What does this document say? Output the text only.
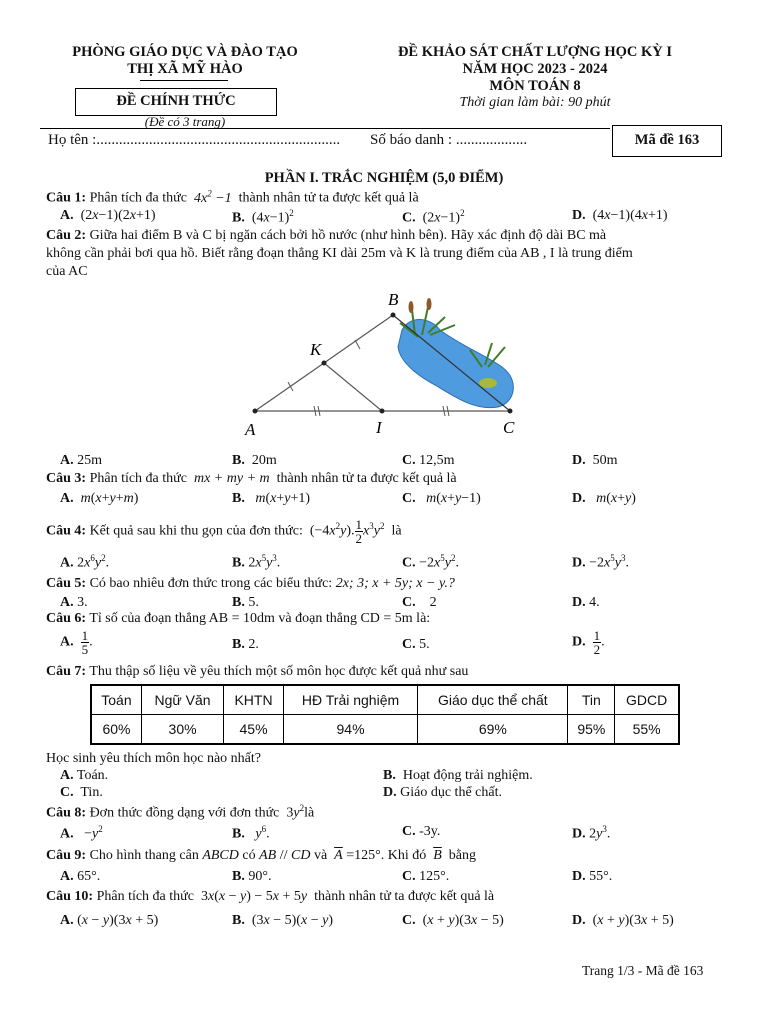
PHÒNG GIÁO DỤC VÀ ĐÀO TẠO
THỊ XÃ MỸ HÀO
ĐỀ CHÍNH THỨC
(Đề có 3 trang)
ĐỀ KHẢO SÁT CHẤT LƯỢNG HỌC KỲ I
NĂM HỌC 2023 - 2024
MÔN TOÁN 8
Thời gian làm bài: 90 phút
Họ tên :................................................................. Số báo danh : ...................	Mã đề 163
PHẦN I. TRẮC NGHIỆM (5,0 ĐIỂM)
Câu 1: Phân tích đa thức $4x^2 -1$ thành nhân tử ta được kết quả là
A.  (2x−1)(2x+1)	B.  $(4x-1)^2$	C.  $(2x-1)^2$	D.  (4x−1)(4x+1)
Câu 2: Giữa hai điểm B và C bị ngăn cách bởi hồ nước (như hình bên). Hãy xác định độ dài BC mà
không cần phải bơi qua hồ. Biết rằng đoạn thẳng KI dài 25m và K là trung điểm của AB , I là trung điểm
của AC
A
B
C
K
I
A. 25m	B. 20m	C. 12,5m	D. 50m
Câu 3: Phân tích đa thức mx + my + m thành nhân tử ta được kết quả là
A. m(x+y+m)	B. m(x+y+1)	C. m(x+y−1)	D. m(x+y)
Câu 4: Kết quả sau khi thu gọn của đơn thức:  $(-4x^2y)$. $\frac{1}{2} x^3y^2$ là
A. $2x^6y^2$.	B. $2x^5y^3$.	C. $-2x^5y^2$.	D. $-2x^5y^3$.
Câu 5: Có bao nhiêu đơn thức trong các biểu thức: 2x; 3; x + 5y; x − y.?
A. 3.	B. 5.	C. 2	D. 4.
Câu 6: Tỉ số của đoạn thẳng AB = 10dm và đoạn thẳng CD = 5m là:
A. $\frac{1}{5}$ .	B. 2.	C. 5.	D. $\frac{1}{2}$ .
Câu 7: Thu thập số liệu về yêu thích một số môn học được kết quả như sau
Toán	Ngữ Văn	KHTN	HĐ Trải nghiệm	Giáo dục thể chất	Tin	GDCD
60%	30%	45%	94%	69%	95%	55%
Học sinh yêu thích môn học nào nhất?
A. Toán.	B. Hoạt động trải nghiệm.
C. Tin.	D. Giáo dục thể chất.
Câu 8: Đơn thức đồng dạng với đơn thức  $3y^2là$
A.   $-y^2$	B. $y^6$.	C. -3y.	D. $2y^3$.
Câu 9: Cho hình thang cân ABCD có AB // CD và $\overline{A} =125^\circ$. Khi đó $\overline{B}$ bằng
A. 65°.	B. 90°.	C. 125°.	D. 55°.
Câu 10: Phân tích đa thức  3x(x − y) − 5x + 5y thành nhân tử ta được kết quả là
A. (x − y)(3x + 5)	B.  (3x − 5)(x − y)	C.  (x + y)(3x − 5)	D.  (x + y)(3x + 5)
Trang 1/3 - Mã đề 163
